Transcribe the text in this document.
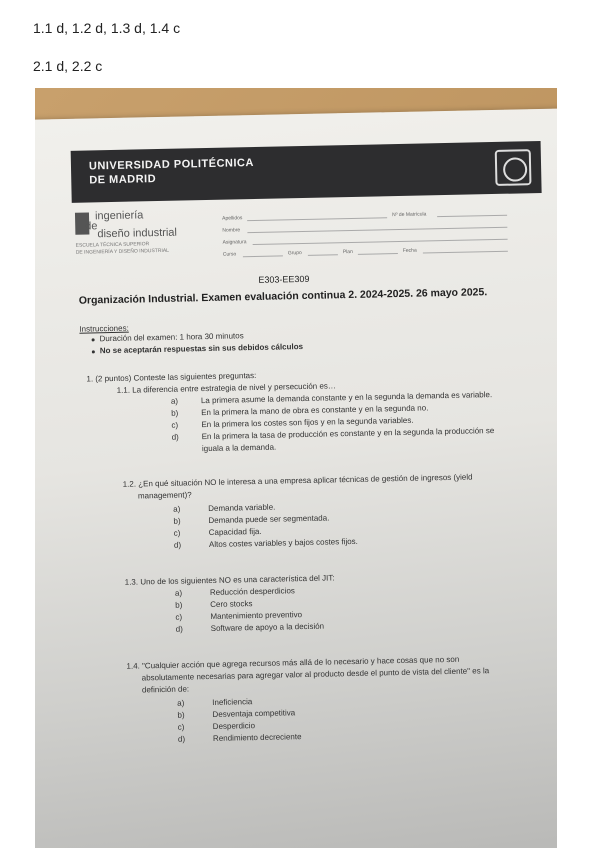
1.1 d, 1.2 d, 1.3 d, 1.4 c
2.1 d, 2.2 c
UNIVERSIDAD POLITÉCNICA
DE MADRID
ingeniería
de
diseño industrial
ESCUELA TÉCNICA SUPERIOR
DE INGENIERÍA Y DISEÑO INDUSTRIAL
Apellidos
Nº de Matrícula
Nombre
Asignatura
Curso	Grupo	Plan	Fecha
E303-EE309
Organización Industrial. Examen evaluación continua 2. 2024-2025. 26 mayo 2025.
Instrucciones:
Duración del examen: 1 hora 30 minutos
No se aceptarán respuestas sin sus debidos cálculos
1. (2 puntos) Conteste las siguientes preguntas:
1.1. La diferencia entre estrategia de nivel y persecución es…
a)	La primera asume la demanda constante y en la segunda la demanda es variable.
b)	En la primera la mano de obra es constante y en la segunda no.
c)	En la primera los costes son fijos y en la segunda variables.
d)	En la primera la tasa de producción es constante y en la segunda la producción se
iguala a la demanda.
1.2. ¿En qué situación NO le interesa a una empresa aplicar técnicas de gestión de ingresos (yield
management)?
a)	Demanda variable.
b)	Demanda puede ser segmentada.
c)	Capacidad fija.
d)	Altos costes variables y bajos costes fijos.
1.3. Uno de los siguientes NO es una característica del JIT:
a)	Reducción desperdicios
b)	Cero stocks
c)	Mantenimiento preventivo
d)	Software de apoyo a la decisión
1.4. "Cualquier acción que agrega recursos más allá de lo necesario y hace cosas que no son
absolutamente necesarias para agregar valor al producto desde el punto de vista del cliente" es la
definición de:
a)	Ineficiencia
b)	Desventaja competitiva
c)	Desperdicio
d)	Rendimiento decreciente
